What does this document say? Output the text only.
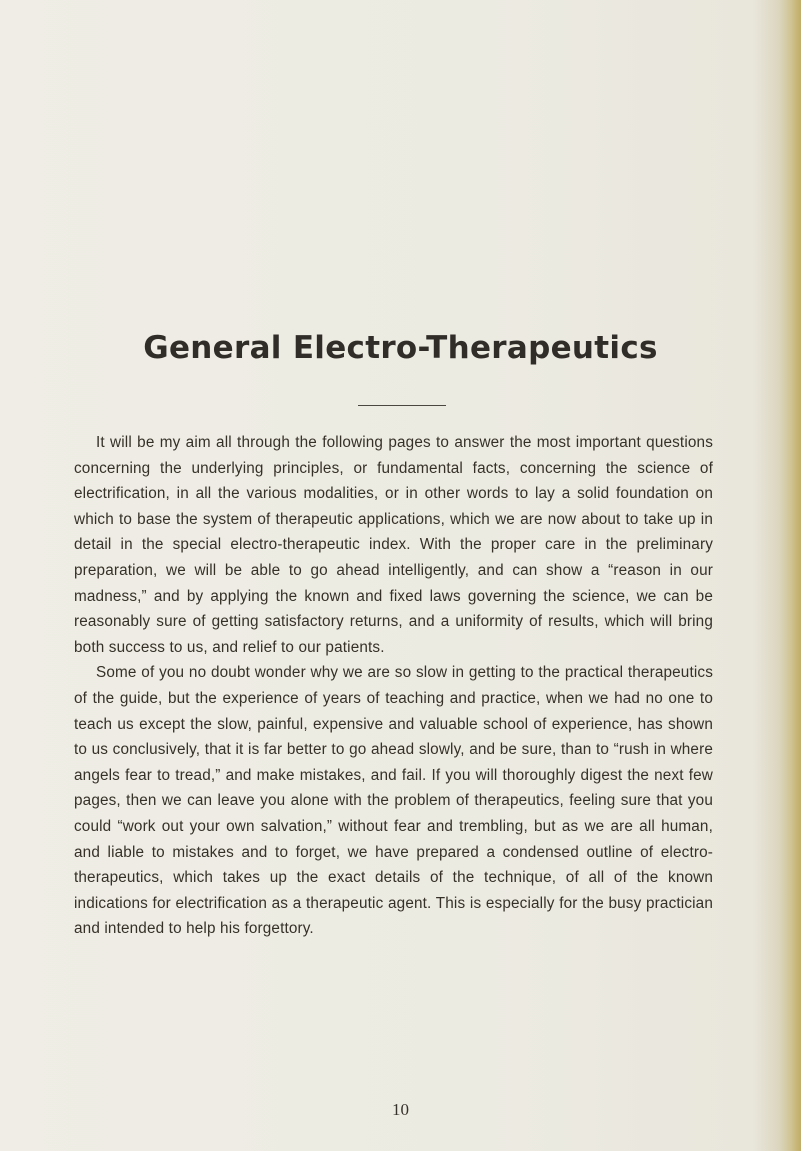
General Electro-Therapeutics

It will be my aim all through the following pages to answer the most important questions concerning the underlying principles, or fundamental facts, concerning the science of electrification, in all the various modalities, or in other words to lay a solid foundation on which to base the system of therapeutic applications, which we are now about to take up in detail in the special electro-therapeutic index. With the proper care in the preliminary preparation, we will be able to go ahead intelligently, and can show a “reason in our madness,” and by applying the known and fixed laws governing the science, we can be reasonably sure of getting satisfactory returns, and a uniformity of results, which will bring both success to us, and relief to our patients.

Some of you no doubt wonder why we are so slow in getting to the practical therapeutics of the guide, but the experience of years of teaching and practice, when we had no one to teach us except the slow, painful, expensive and valuable school of experience, has shown to us conclusively, that it is far better to go ahead slowly, and be sure, than to “rush in where angels fear to tread,” and make mistakes, and fail. If you will thoroughly digest the next few pages, then we can leave you alone with the problem of therapeutics, feeling sure that you could “work out your own salvation,” without fear and trembling, but as we are all human, and liable to mistakes and to forget, we have prepared a condensed outline of electro-therapeutics, which takes up the exact details of the technique, of all of the known indications for electrification as a therapeutic agent. This is especially for the busy practician and intended to help his forgettory.

10
